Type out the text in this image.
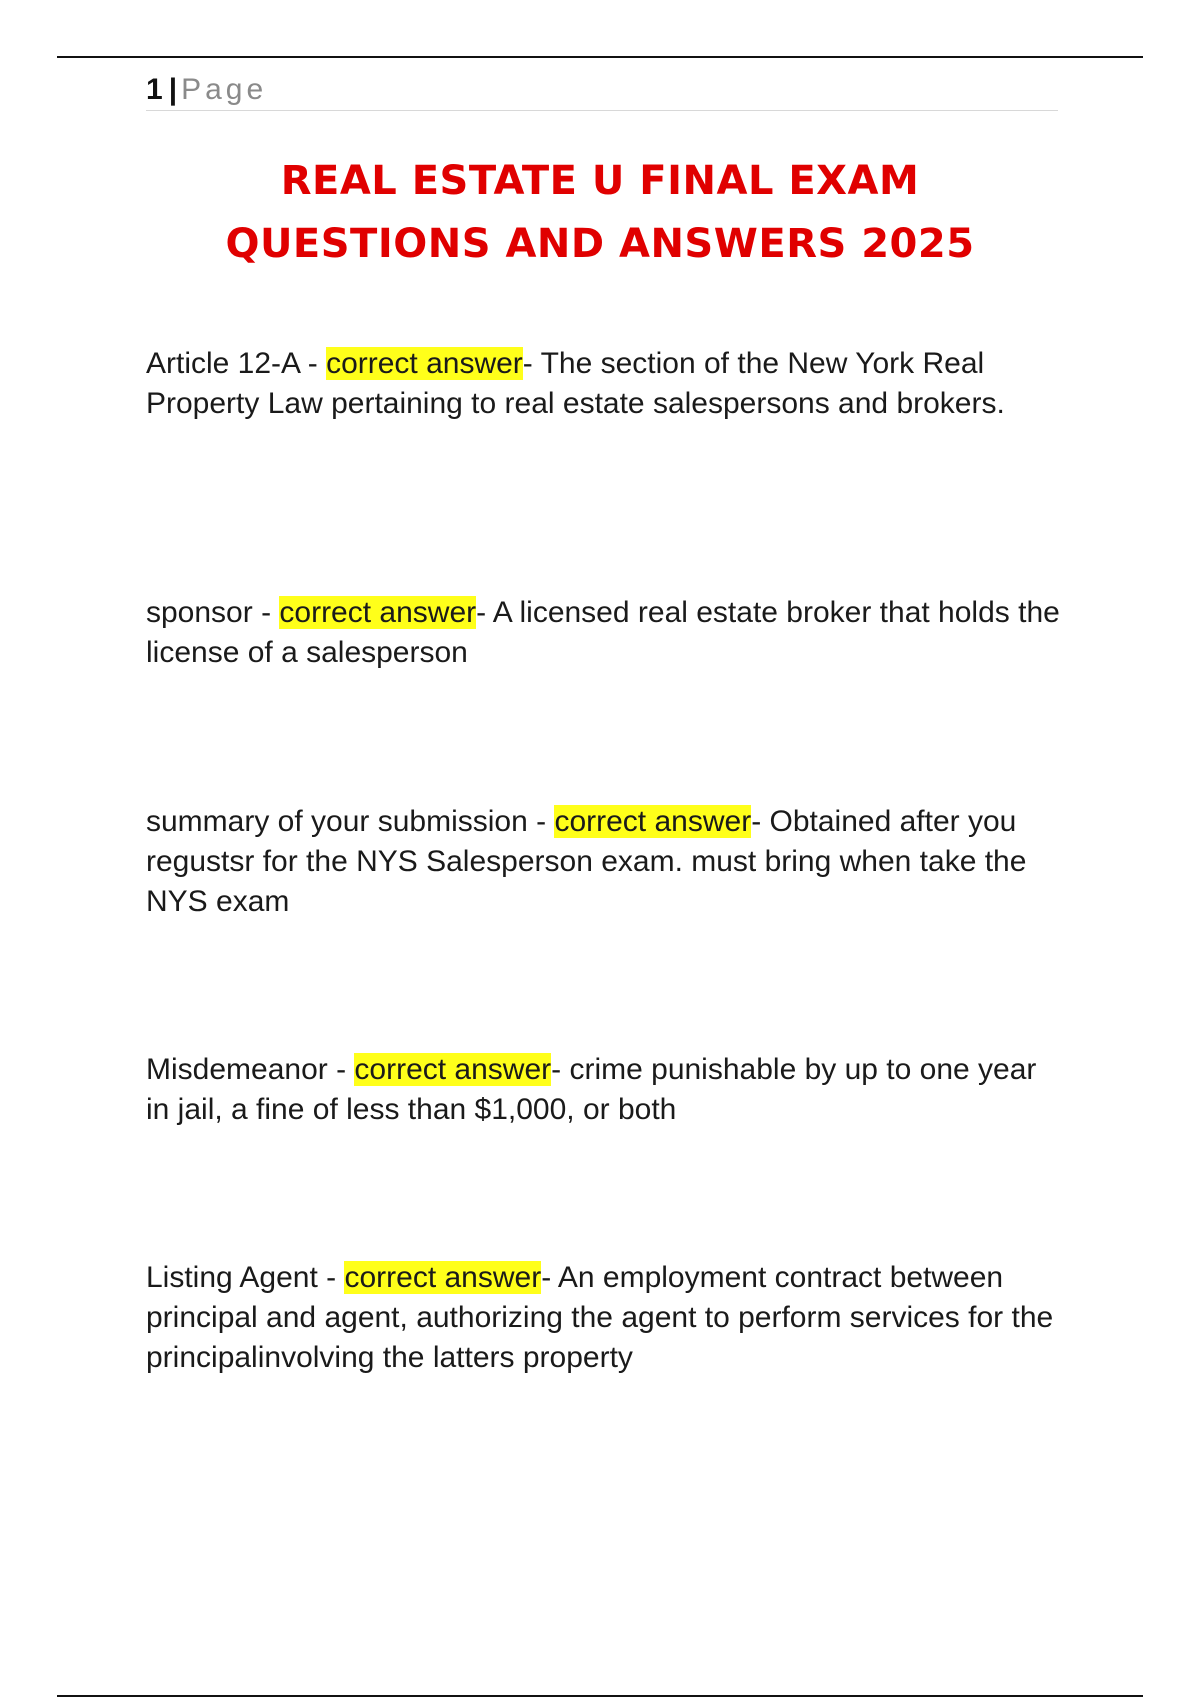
1 | Page
REAL ESTATE U FINAL EXAM
QUESTIONS AND ANSWERS 2025
Article 12-A - correct answer- The section of the New York Real Property Law pertaining to real estate salespersons and brokers.
sponsor - correct answer- A licensed real estate broker that holds the license of a salesperson
summary of your submission - correct answer- Obtained after you regustsr for the NYS Salesperson exam. must bring when take the NYS exam
Misdemeanor - correct answer- crime punishable by up to one year in jail, a fine of less than $1,000, or both
Listing Agent - correct answer- An employment contract between principal and agent, authorizing the agent to perform services for the principalinvolving the latters property
